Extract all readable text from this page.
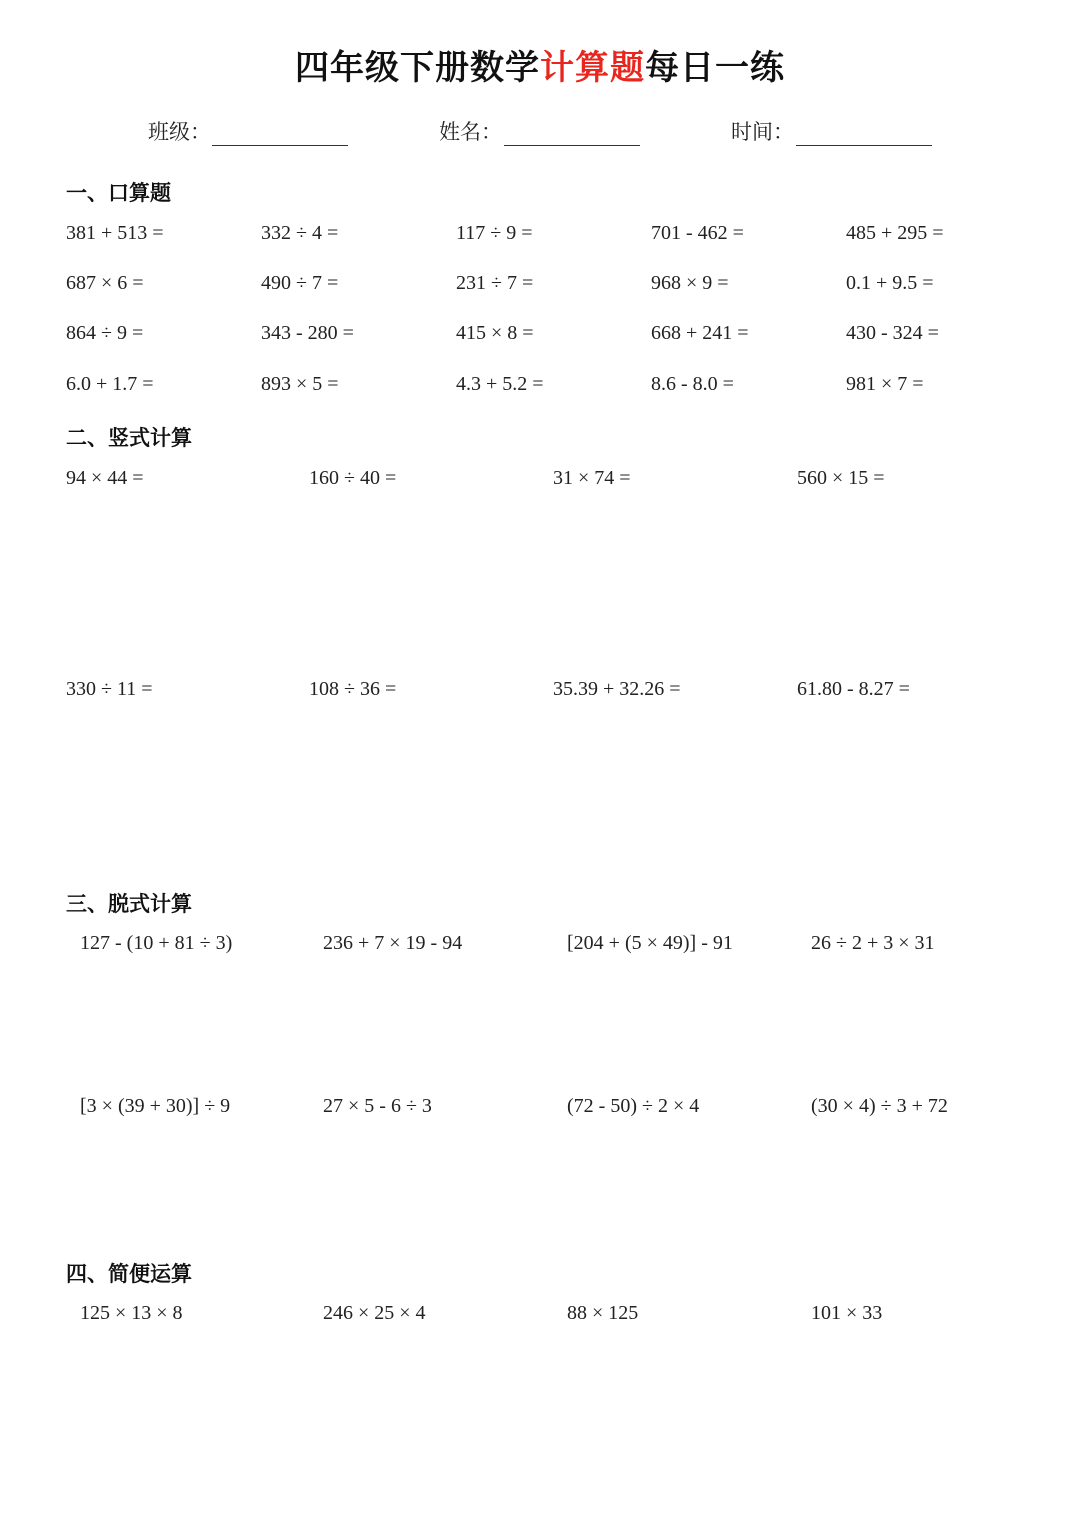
四年级下册数学计算题每日一练
班级：	姓名：	时间：
一、口算题
381 + 513 =	332 ÷ 4 =	117 ÷ 9 =	701 - 462 =	485 + 295 =
687 × 6 =	490 ÷ 7 =	231 ÷ 7 =	968 × 9 =	0.1 + 9.5 =
864 ÷ 9 =	343 - 280 =	415 × 8 =	668 + 241 =	430 - 324 =
6.0 + 1.7 =	893 × 5 =	4.3 + 5.2 =	8.6 - 8.0 =	981 × 7 =
二、竖式计算
94 × 44 =	160 ÷ 40 =	31 × 74 =	560 × 15 =
330 ÷ 11 =	108 ÷ 36 =	35.39 + 32.26 =	61.80 - 8.27 =
三、脱式计算
127 - (10 + 81 ÷ 3)	236 + 7 × 19 - 94	[204 + (5 × 49)] - 91	26 ÷ 2 + 3 × 31
[3 × (39 + 30)] ÷ 9	27 × 5 - 6 ÷ 3	(72 - 50) ÷ 2 × 4	(30 × 4) ÷ 3 + 72
四、简便运算
125 × 13 × 8	246 × 25 × 4	88 × 125	101 × 33
